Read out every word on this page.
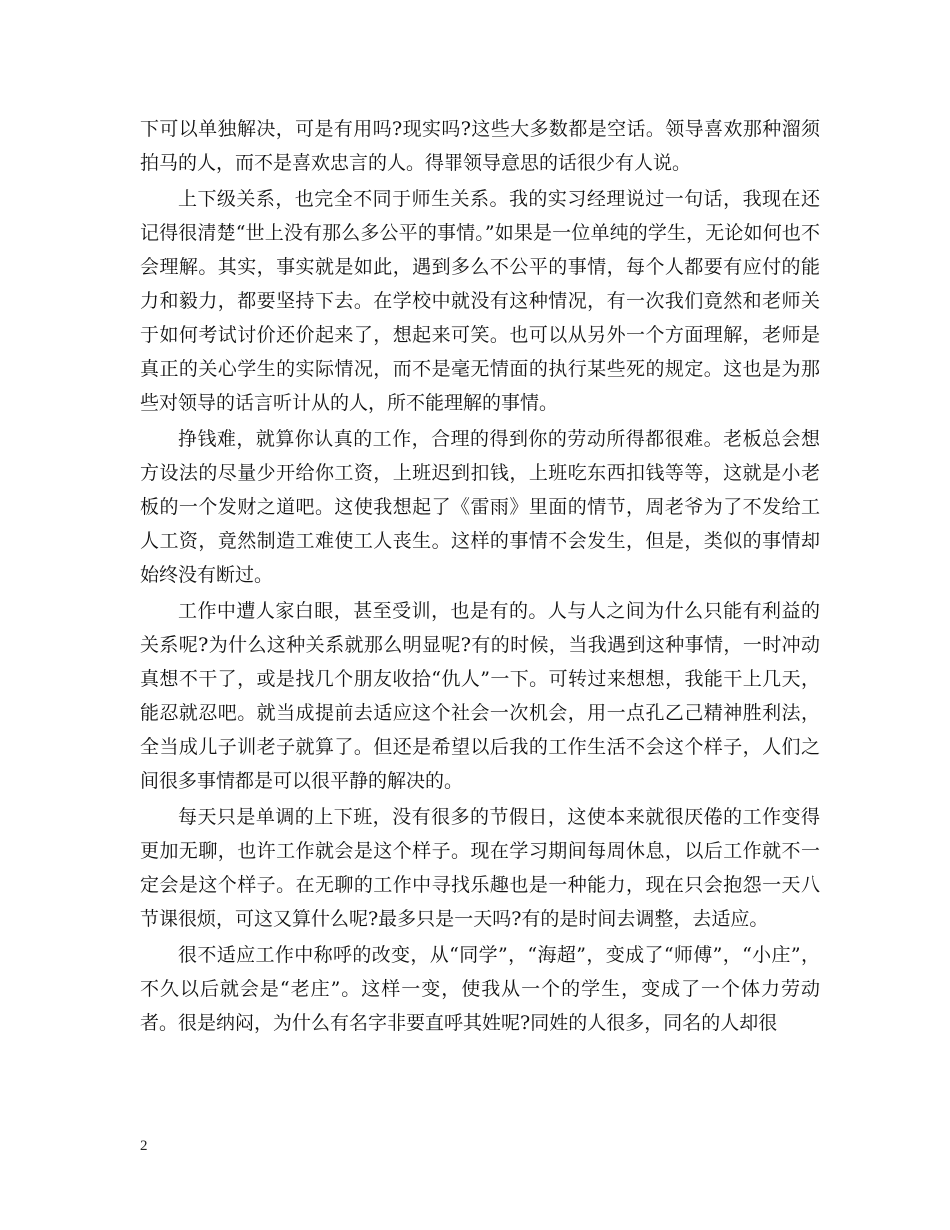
下可以单独解决，可是有用吗?现实吗?这些大多数都是空话。领导喜欢那种溜须拍马的人，而不是喜欢忠言的人。得罪领导意思的话很少有人说。

上下级关系，也完全不同于师生关系。我的实习经理说过一句话，我现在还记得很清楚“世上没有那么多公平的事情。”如果是一位单纯的学生，无论如何也不会理解。其实，事实就是如此，遇到多么不公平的事情，每个人都要有应付的能力和毅力，都要坚持下去。在学校中就没有这种情况，有一次我们竟然和老师关于如何考试讨价还价起来了，想起来可笑。也可以从另外一个方面理解，老师是真正的关心学生的实际情况，而不是毫无情面的执行某些死的规定。这也是为那些对领导的话言听计从的人，所不能理解的事情。

挣钱难，就算你认真的工作，合理的得到你的劳动所得都很难。老板总会想方设法的尽量少开给你工资，上班迟到扣钱，上班吃东西扣钱等等，这就是小老板的一个发财之道吧。这使我想起了《雷雨》里面的情节，周老爷为了不发给工人工资，竟然制造工难使工人丧生。这样的事情不会发生，但是，类似的事情却始终没有断过。

工作中遭人家白眼，甚至受训，也是有的。人与人之间为什么只能有利益的关系呢?为什么这种关系就那么明显呢?有的时候，当我遇到这种事情，一时冲动真想不干了，或是找几个朋友收拾“仇人”一下。可转过来想想，我能干上几天，能忍就忍吧。就当成提前去适应这个社会一次机会，用一点孔乙己精神胜利法，全当成儿子训老子就算了。但还是希望以后我的工作生活不会这个样子，人们之间很多事情都是可以很平静的解决的。

每天只是单调的上下班，没有很多的节假日，这使本来就很厌倦的工作变得更加无聊，也许工作就会是这个样子。现在学习期间每周休息，以后工作就不一定会是这个样子。在无聊的工作中寻找乐趣也是一种能力，现在只会抱怨一天八节课很烦，可这又算什么呢?最多只是一天吗?有的是时间去调整，去适应。

很不适应工作中称呼的改变，从“同学”，“海超”，变成了“师傅”，“小庄”，不久以后就会是“老庄”。这样一变，使我从一个的学生，变成了一个体力劳动者。很是纳闷，为什么有名字非要直呼其姓呢?同姓的人很多，同名的人却很

2
